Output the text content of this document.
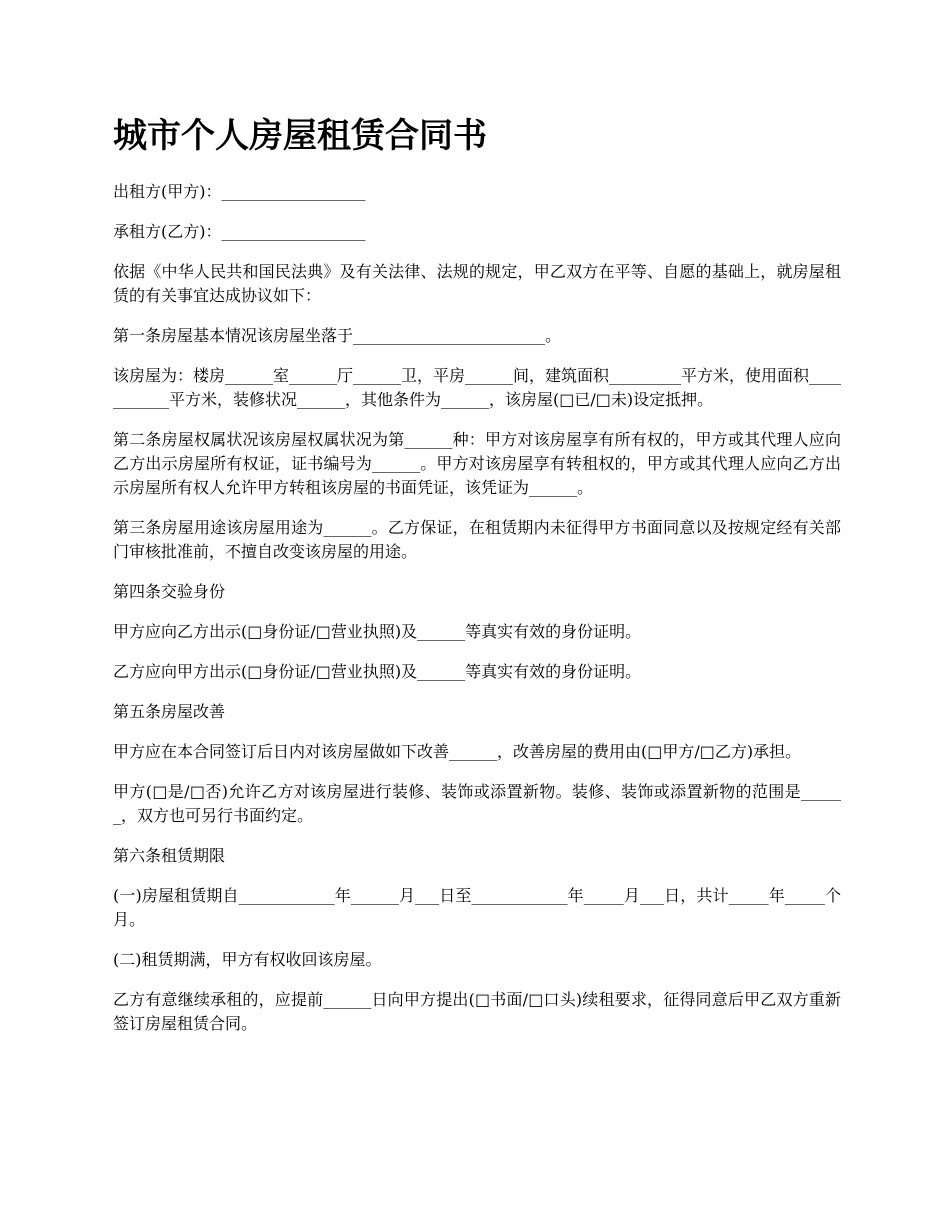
城市个人房屋租赁合同书

出租方(甲方)：__________________

承租方(乙方)：__________________

依据《中华人民共和国民法典》及有关法律、法规的规定，甲乙双方在平等、自愿的基础上，就房屋租赁的有关事宜达成协议如下：

第一条房屋基本情况该房屋坐落于________________________。

该房屋为：楼房______室______厅______卫，平房______间，建筑面积_________平方米，使用面积___________平方米，装修状况______，其他条件为______，该房屋(□已/□未)设定抵押。

第二条房屋权属状况该房屋权属状况为第______种：甲方对该房屋享有所有权的，甲方或其代理人应向乙方出示房屋所有权证，证书编号为______。甲方对该房屋享有转租权的，甲方或其代理人应向乙方出示房屋所有权人允许甲方转租该房屋的书面凭证，该凭证为______。

第三条房屋用途该房屋用途为______。乙方保证，在租赁期内未征得甲方书面同意以及按规定经有关部门审核批准前，不擅自改变该房屋的用途。

第四条交验身份

甲方应向乙方出示(□身份证/□营业执照)及______等真实有效的身份证明。

乙方应向甲方出示(□身份证/□营业执照)及______等真实有效的身份证明。

第五条房屋改善

甲方应在本合同签订后日内对该房屋做如下改善______，改善房屋的费用由(□甲方/□乙方)承担。

甲方(□是/□否)允许乙方对该房屋进行装修、装饰或添置新物。装修、装饰或添置新物的范围是______，双方也可另行书面约定。

第六条租赁期限

(一)房屋租赁期自____________年______月___日至____________年_____月___日，共计_____年_____个月。

(二)租赁期满，甲方有权收回该房屋。

乙方有意继续承租的，应提前______日向甲方提出(□书面/□口头)续租要求，征得同意后甲乙双方重新签订房屋租赁合同。
